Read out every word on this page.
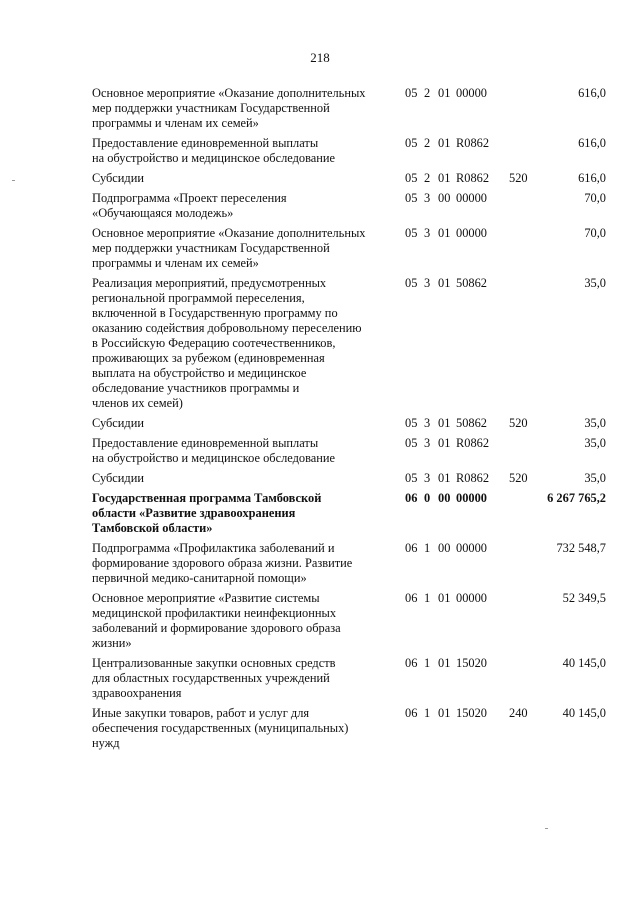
218
Основное мероприятие «Оказание дополнительных
мер поддержки участникам Государственной
программы и членам их семей»
05 2 01 00000	616,0
Предоставление единовременной выплаты
на обустройство и медицинское обследование
05 2 01 R0862	616,0
Субсидии	05 2 01 R0862 520	616,0
Подпрограмма «Проект переселения
«Обучающаяся молодежь»
05 3 00 00000	70,0
Основное мероприятие «Оказание дополнительных
мер поддержки участникам Государственной
программы и членам их семей»
05 3 01 00000	70,0
Реализация мероприятий, предусмотренных
региональной программой переселения,
включенной в Государственную программу по
оказанию содействия добровольному переселению
в Российскую Федерацию соотечественников,
проживающих за рубежом (единовременная
выплата на обустройство и медицинское
обследование участников программы и
членов их семей)
05 3 01 50862	35,0
Субсидии	05 3 01 50862 520	35,0
Предоставление единовременной выплаты
на обустройство и медицинское обследование
05 3 01 R0862	35,0
Субсидии	05 3 01 R0862 520	35,0
Государственная программа Тамбовской
области «Развитие здравоохранения
Тамбовской области»
06 0 00 00000	6 267 765,2
Подпрограмма «Профилактика заболеваний и
формирование здорового образа жизни. Развитие
первичной медико-санитарной помощи»
06 1 00 00000	732 548,7
Основное мероприятие «Развитие системы
медицинской профилактики неинфекционных
заболеваний и формирование здорового образа
жизни»
06 1 01 00000	52 349,5
Централизованные закупки основных средств
для областных государственных учреждений
здравоохранения
06 1 01 15020	40 145,0
Иные закупки товаров, работ и услуг для
обеспечения государственных (муниципальных)
нужд
06 1 01 15020 240	40 145,0
